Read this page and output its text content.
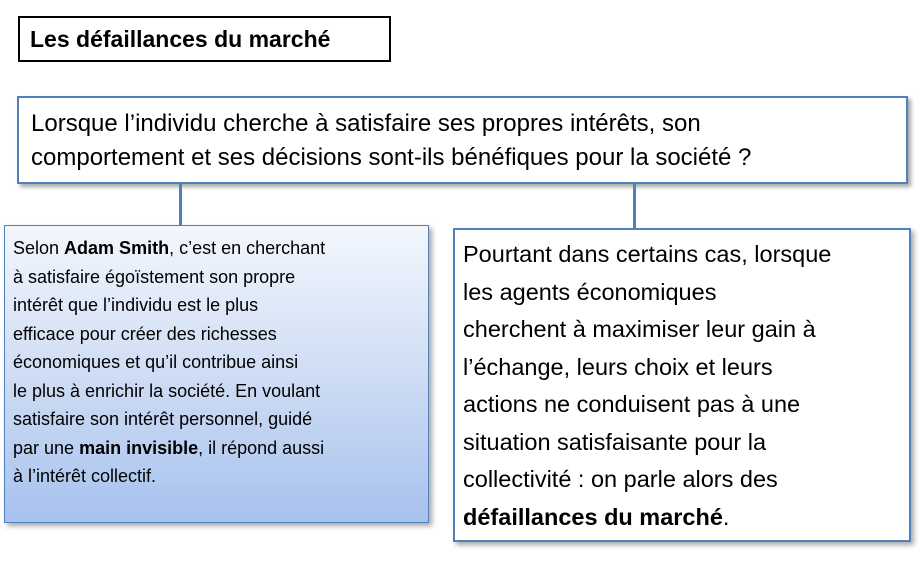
Les défaillances du marché
Lorsque l’individu cherche à satisfaire ses propres intérêts, son
comportement et ses décisions sont-ils bénéfiques pour la société ?
Selon Adam Smith, c’est en cherchant
à satisfaire égoïstement son propre
intérêt que l’individu est le plus
efficace pour créer des richesses
économiques et qu’il contribue ainsi
le plus à enrichir la société. En voulant
satisfaire son intérêt personnel, guidé
par une main invisible, il répond aussi
à l’intérêt collectif.
Pourtant dans certains cas, lorsque
les agents économiques
cherchent à maximiser leur gain à
l’échange, leurs choix et leurs
actions ne conduisent pas à une
situation satisfaisante pour la
collectivité : on parle alors des
défaillances du marché.
